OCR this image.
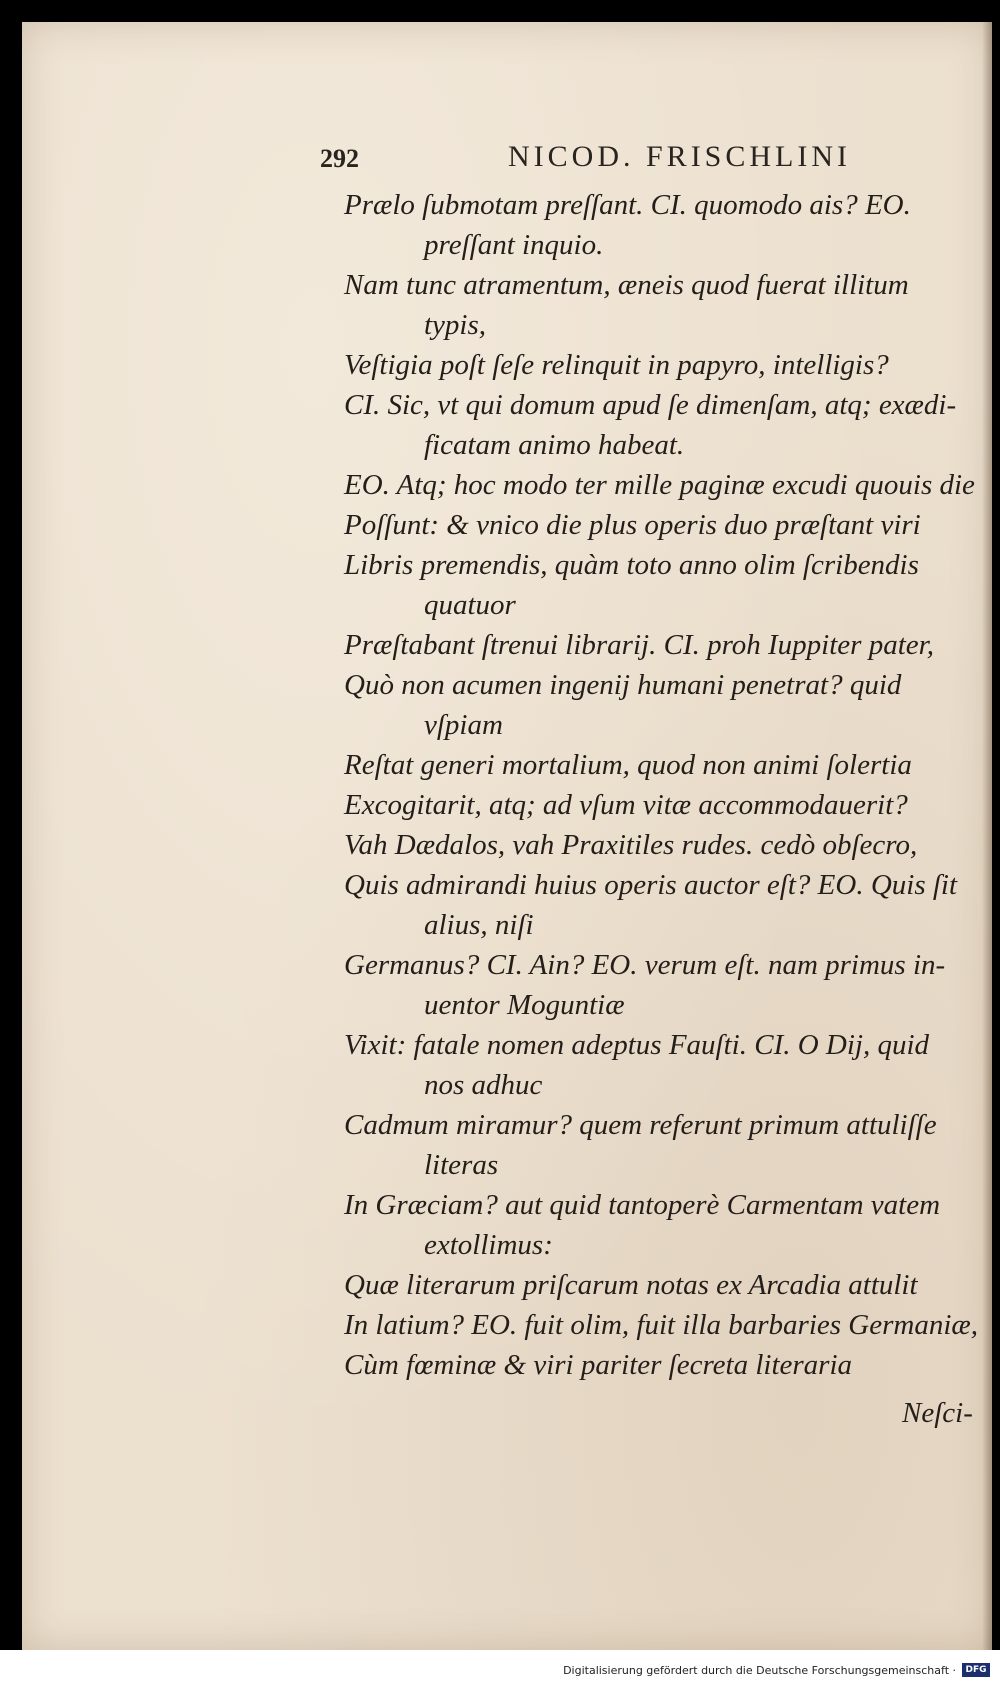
292	NICOD. FRISCHLINI
Prælo ſubmotam preſſant. CI. quomodo ais? EO.
preſſant inquio.
Nam tunc atramentum, æneis quod fuerat illitum
typis,
Veſtigia poſt ſeſe relinquit in papyro, intelligis?
CI. Sic, vt qui domum apud ſe dimenſam, atq; exædi-
ficatam animo habeat.
EO. Atq; hoc modo ter mille paginæ excudi quouis die
Poſſunt: & vnico die plus operis duo præſtant viri
Libris premendis, quàm toto anno olim ſcribendis
quatuor
Præſtabant ſtrenui librarij. CI. proh Iuppiter pater,
Quò non acumen ingenij humani penetrat? quid
vſpiam
Reſtat generi mortalium, quod non animi ſolertia
Excogitarit, atq; ad vſum vitæ accommodauerit?
Vah Dædalos, vah Praxitiles rudes. cedò obſecro,
Quis admirandi huius operis auctor eſt? EO. Quis ſit
alius, niſi
Germanus? CI. Ain? EO. verum eſt. nam primus in-
uentor Moguntiæ
Vixit: fatale nomen adeptus Fauſti. CI. O Dij, quid
nos adhuc
Cadmum miramur? quem referunt primum attuliſſe
literas
In Græciam? aut quid tantoperè Carmentam vatem
extollimus:
Quæ literarum priſcarum notas ex Arcadia attulit
In latium? EO. fuit olim, fuit illa barbaries Germaniæ,
Cùm fœminæ & viri pariter ſecreta literaria
Neſci-
Digitalisierung gefördert durch die Deutsche Forschungsgemeinschaft ·	DFG
